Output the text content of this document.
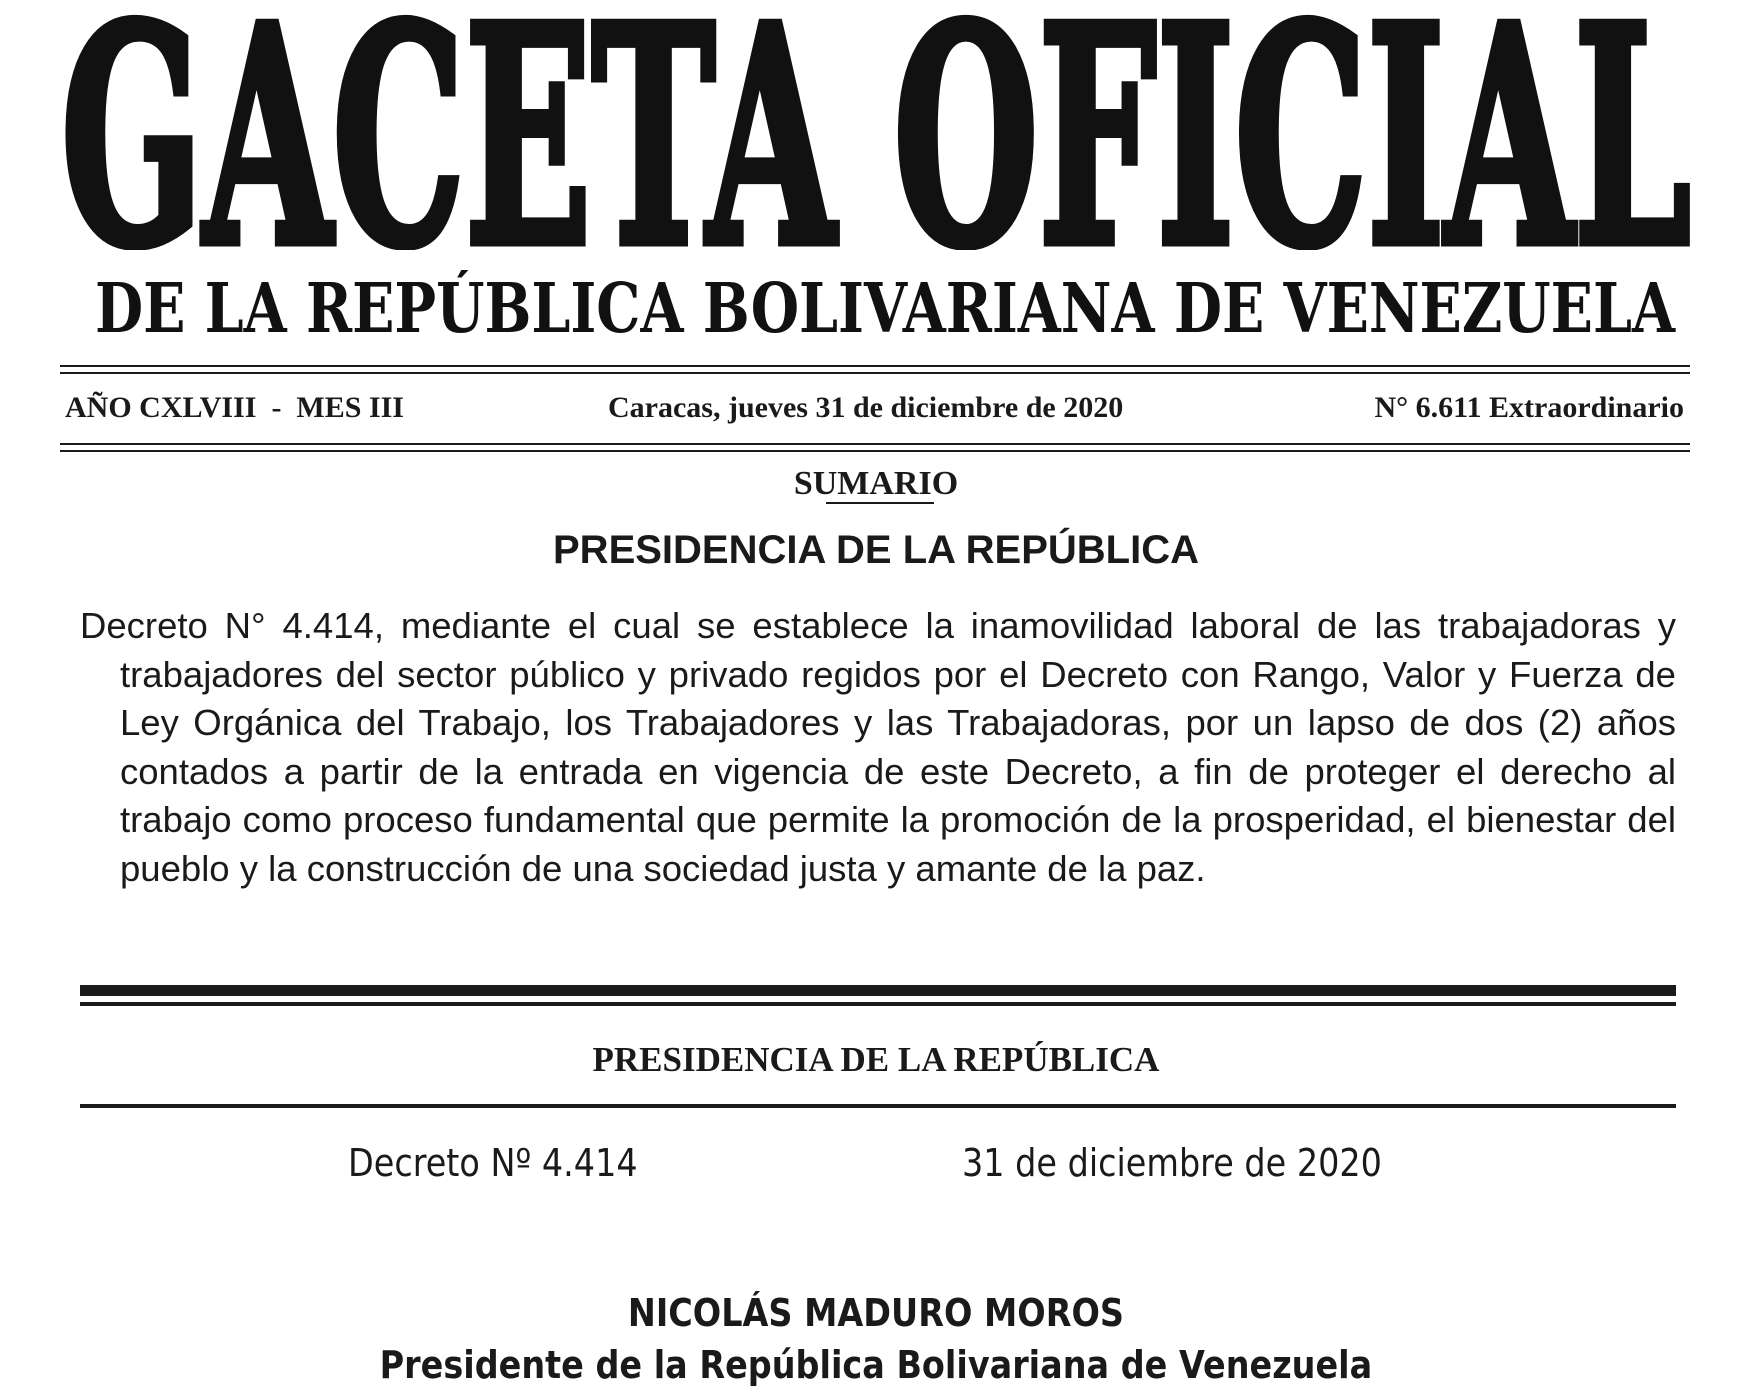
GACETA OFICIAL
DE LA REPÚBLICA BOLIVARIANA DE VENEZUELA
AÑO CXLVIII  -  MES III	Caracas, jueves 31 de diciembre de 2020	N° 6.611 Extraordinario
SUMARIO
PRESIDENCIA DE LA REPÚBLICA
Decreto N° 4.414, mediante el cual se establece la inamovilidad laboral de las trabajadoras y trabajadores del sector público y privado regidos por el Decreto con Rango, Valor y Fuerza de Ley Orgánica del Trabajo, los Trabajadores y las Trabajadoras, por un lapso de dos (2) años contados a partir de la entrada en vigencia de este Decreto, a fin de proteger el derecho al trabajo como proceso fundamental que permite la promoción de la prosperidad, el bienestar del pueblo y la construcción de una sociedad justa y amante de la paz.
PRESIDENCIA DE LA REPÚBLICA
Decreto Nº 4.414	31 de diciembre de 2020
NICOLÁS MADURO MOROS
Presidente de la República Bolivariana de Venezuela
